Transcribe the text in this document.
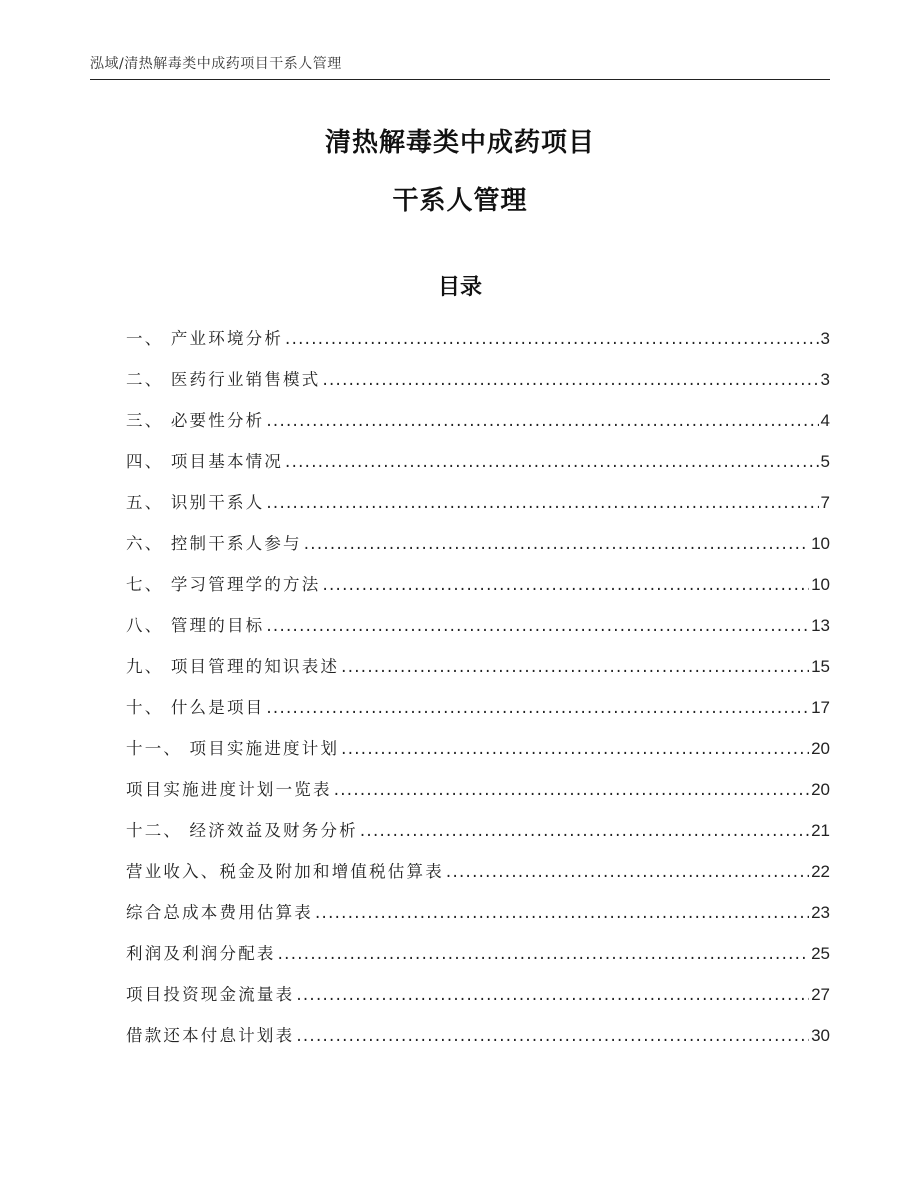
泓域/清热解毒类中成药项目干系人管理
清热解毒类中成药项目
干系人管理
目录
一、 产业环境分析 .....	3
二、 医药行业销售模式 .....	3
三、 必要性分析 .....	4
四、 项目基本情况 .....	5
五、 识别干系人 .....	7
六、 控制干系人参与 .....	10
七、 学习管理学的方法 .....	10
八、 管理的目标 .....	13
九、 项目管理的知识表述 .....	15
十、 什么是项目 .....	17
十一、 项目实施进度计划 .....	20
项目实施进度计划一览表 .....	20
十二、 经济效益及财务分析 .....	21
营业收入、税金及附加和增值税估算表 .....	22
综合总成本费用估算表 .....	23
利润及利润分配表 .....	25
项目投资现金流量表 .....	27
借款还本付息计划表 .....	30
